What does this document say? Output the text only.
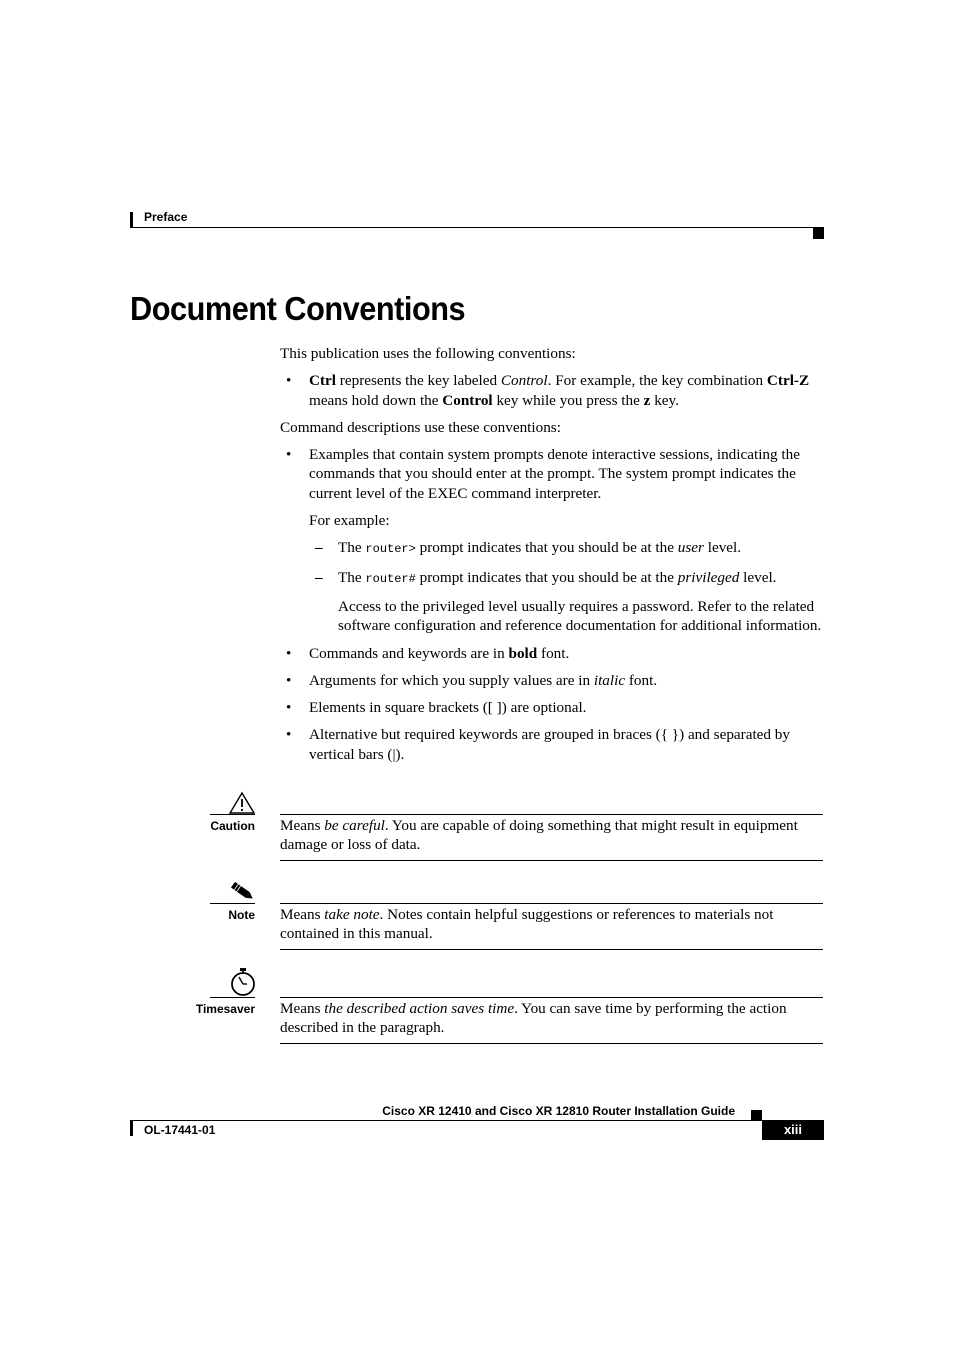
Preface
Document Conventions

This publication uses the following conventions:

• Ctrl represents the key labeled Control. For example, the key combination Ctrl-Z means hold down the Control key while you press the z key.

Command descriptions use these conventions:

• Examples that contain system prompts denote interactive sessions, indicating the commands that you should enter at the prompt. The system prompt indicates the current level of the EXEC command interpreter.

For example:

– The router> prompt indicates that you should be at the user level.

– The router# prompt indicates that you should be at the privileged level.

Access to the privileged level usually requires a password. Refer to the related software configuration and reference documentation for additional information.

• Commands and keywords are in bold font.

• Arguments for which you supply values are in italic font.

• Elements in square brackets ([ ]) are optional.

• Alternative but required keywords are grouped in braces ({ }) and separated by vertical bars (|).

Caution Means be careful. You are capable of doing something that might result in equipment damage or loss of data.
Note Means take note. Notes contain helpful suggestions or references to materials not contained in this manual.
Timesaver Means the described action saves time. You can save time by performing the action described in the paragraph.
Cisco XR 12410 and Cisco XR 12810 Router Installation Guide
OL-17441-01	xiii
